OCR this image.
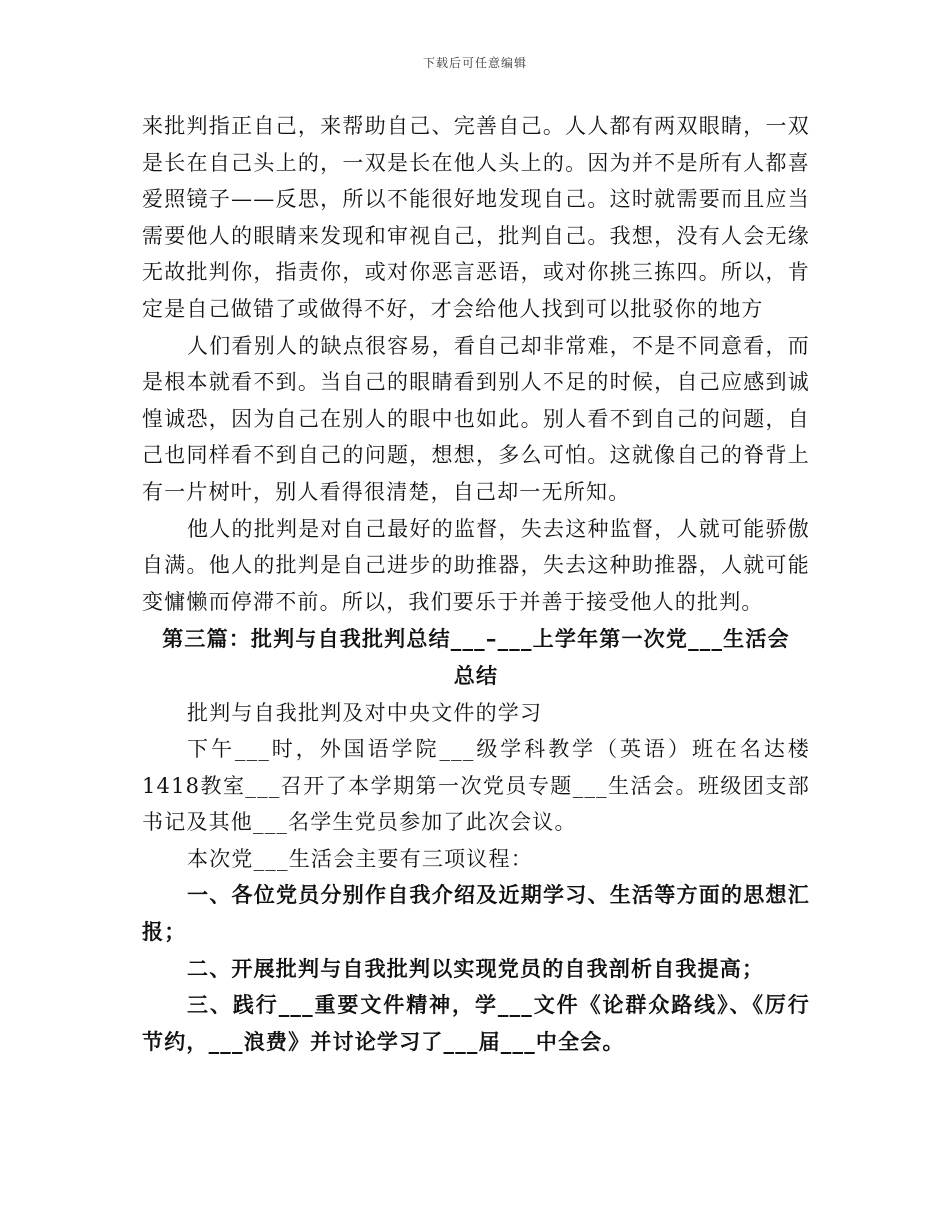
下载后可任意编辑

来批判指正自己，来帮助自己、完善自己。人人都有两双眼睛，一双是长在自己头上的，一双是长在他人头上的。因为并不是所有人都喜爱照镜子——反思，所以不能很好地发现自己。这时就需要而且应当需要他人的眼睛来发现和审视自己，批判自己。我想，没有人会无缘无故批判你，指责你，或对你恶言恶语，或对你挑三拣四。所以，肯定是自己做错了或做得不好，才会给他人找到可以批驳你的地方

人们看别人的缺点很容易，看自己却非常难，不是不同意看，而是根本就看不到。当自己的眼睛看到别人不足的时候，自己应感到诚惶诚恐，因为自己在别人的眼中也如此。别人看不到自己的问题，自己也同样看不到自己的问题，想想，多么可怕。这就像自己的脊背上有一片树叶，别人看得很清楚，自己却一无所知。

他人的批判是对自己最好的监督，失去这种监督，人就可能骄傲自满。他人的批判是自己进步的助推器，失去这种助推器，人就可能变慵懒而停滞不前。所以，我们要乐于并善于接受他人的批判。

第三篇：批判与自我批判总结___–___上学年第一次党___生活会总结

批判与自我批判及对中央文件的学习

下午___时，外国语学院___级学科教学（英语）班在名达楼1418教室___召开了本学期第一次党员专题___生活会。班级团支部书记及其他___名学生党员参加了此次会议。

本次党___生活会主要有三项议程：

一、各位党员分别作自我介绍及近期学习、生活等方面的思想汇报；

二、开展批判与自我批判以实现党员的自我剖析自我提高；

三、践行___重要文件精神，学___文件《论群众路线》、《厉行节约，___浪费》并讨论学习了___届___中全会。
